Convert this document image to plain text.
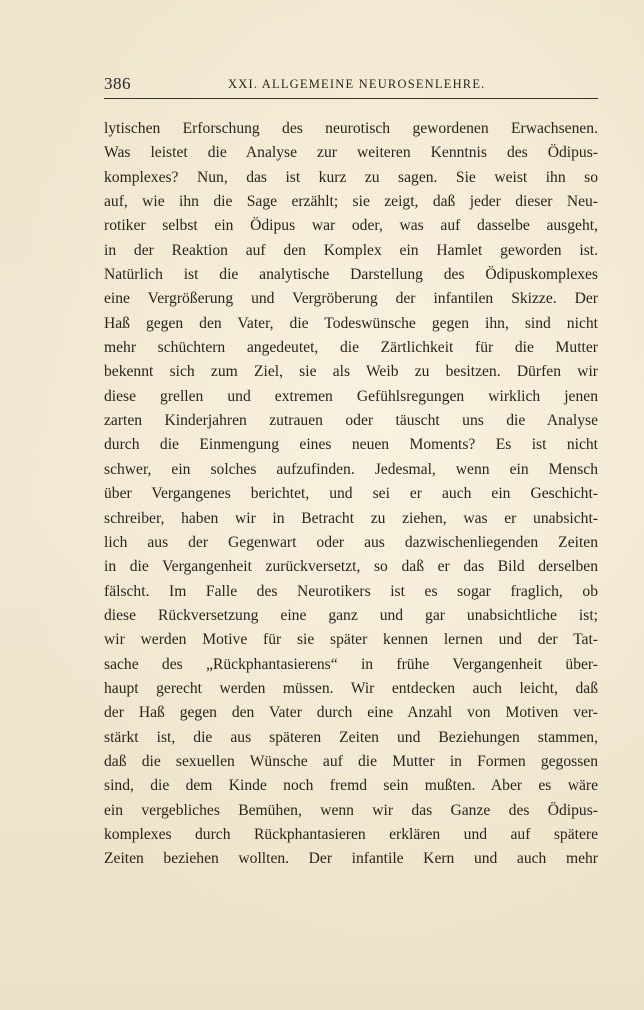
386	XXI. ALLGEMEINE NEUROSENLEHRE.
lytischen Erforschung des neurotisch gewordenen Erwachsenen.
Was leistet die Analyse zur weiteren Kenntnis des Ödipus-
komplexes? Nun, das ist kurz zu sagen. Sie weist ihn so
auf, wie ihn die Sage erzählt; sie zeigt, daß jeder dieser Neu-
rotiker selbst ein Ödipus war oder, was auf dasselbe ausgeht,
in der Reaktion auf den Komplex ein Hamlet geworden ist.
Natürlich ist die analytische Darstellung des Ödipuskomplexes
eine Vergrößerung und Vergröberung der infantilen Skizze. Der
Haß gegen den Vater, die Todeswünsche gegen ihn, sind nicht
mehr schüchtern angedeutet, die Zärtlichkeit für die Mutter
bekennt sich zum Ziel, sie als Weib zu besitzen. Dürfen wir
diese grellen und extremen Gefühlsregungen wirklich jenen
zarten Kinderjahren zutrauen oder täuscht uns die Analyse
durch die Einmengung eines neuen Moments? Es ist nicht
schwer, ein solches aufzufinden. Jedesmal, wenn ein Mensch
über Vergangenes berichtet, und sei er auch ein Geschicht-
schreiber, haben wir in Betracht zu ziehen, was er unabsicht-
lich aus der Gegenwart oder aus dazwischenliegenden Zeiten
in die Vergangenheit zurückversetzt, so daß er das Bild derselben
fälscht. Im Falle des Neurotikers ist es sogar fraglich, ob
diese Rückversetzung eine ganz und gar unabsichtliche ist;
wir werden Motive für sie später kennen lernen und der Tat-
sache des „Rückphantasierens“ in frühe Vergangenheit über-
haupt gerecht werden müssen. Wir entdecken auch leicht, daß
der Haß gegen den Vater durch eine Anzahl von Motiven ver-
stärkt ist, die aus späteren Zeiten und Beziehungen stammen,
daß die sexuellen Wünsche auf die Mutter in Formen gegossen
sind, die dem Kinde noch fremd sein mußten. Aber es wäre
ein vergebliches Bemühen, wenn wir das Ganze des Ödipus-
komplexes durch Rückphantasieren erklären und auf spätere
Zeiten beziehen wollten. Der infantile Kern und auch mehr
